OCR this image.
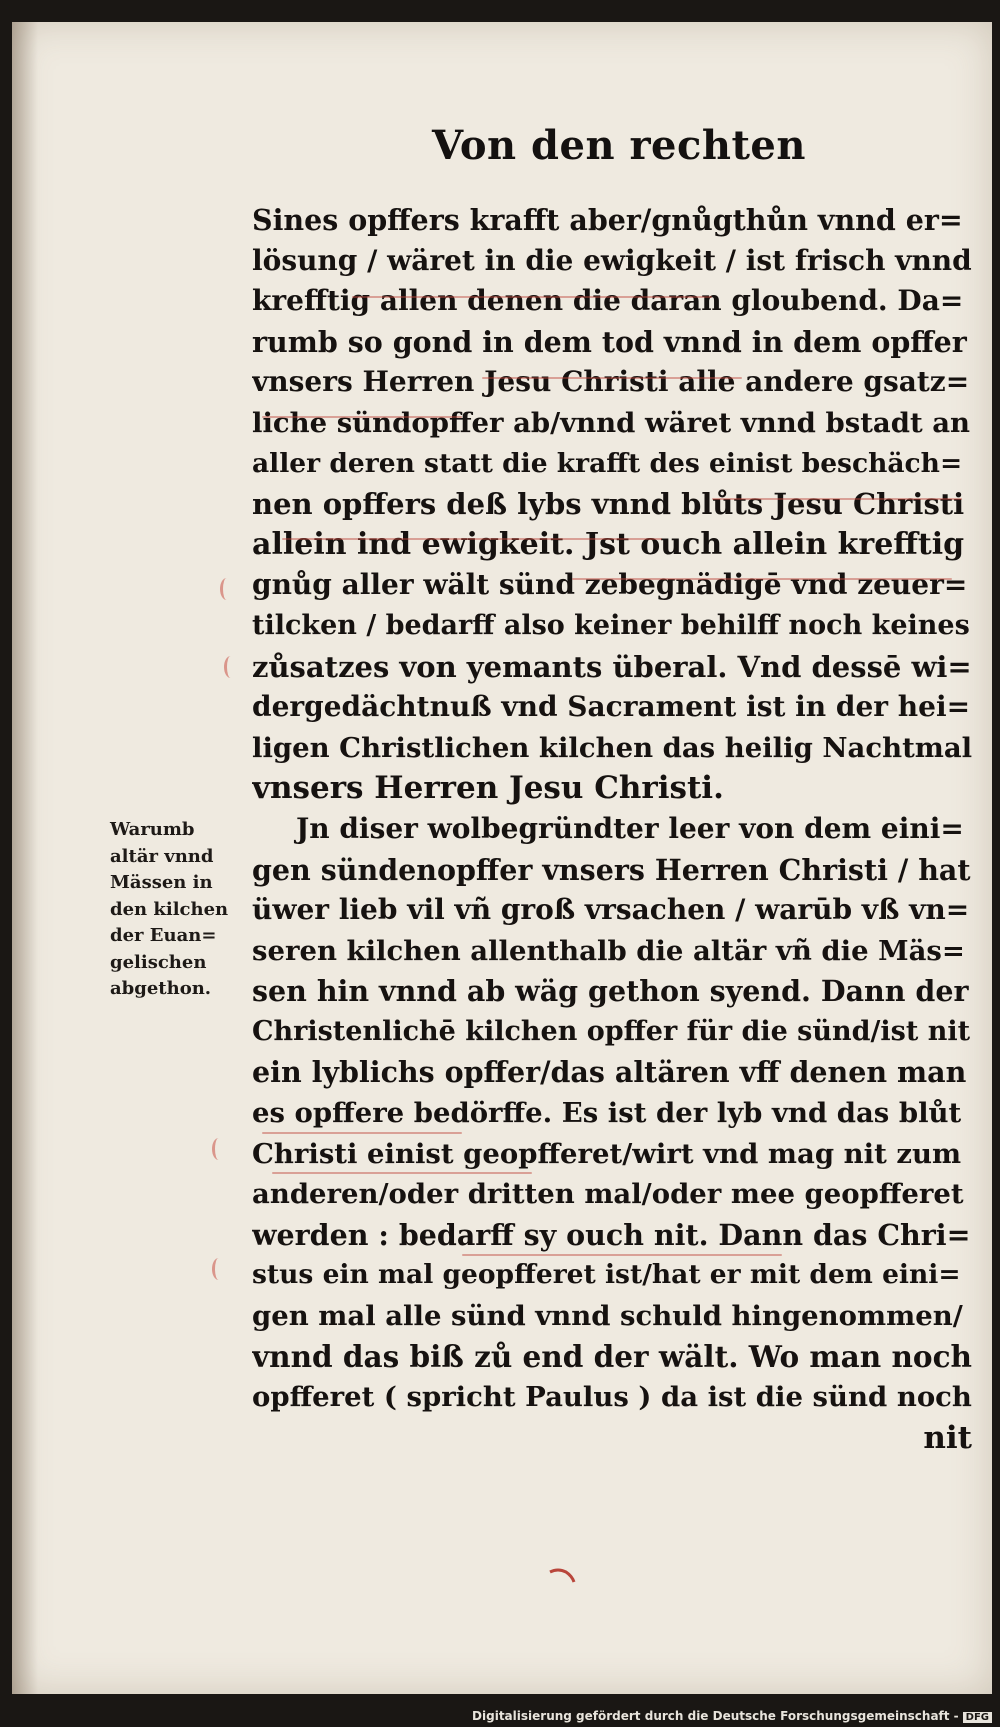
Von den rechten
Sines opffers krafft aber/gnůgthůn vnnd er=
lösung / wäret in die ewigkeit / ist frisch vnnd
krefftig allen denen die daran gloubend. Da=
rumb so gond in dem tod vnnd in dem opffer
vnsers Herren Jesu Christi alle andere gsatz=
liche sündopffer ab/vnnd wäret vnnd bstadt an
aller deren statt die krafft des einist beschäch=
nen opffers deß lybs vnnd blůts Jesu Christi
allein ind ewigkeit. Jst ouch allein krefftig
gnůg aller wält sünd zebegnädigē vnd zeuer=
tilcken / bedarff also keiner behilff noch keines
zůsatzes von yemants überal. Vnd dessē wi=
dergedächtnuß vnd Sacrament ist in der hei=
ligen Christlichen kilchen das heilig Nachtmal
vnsers Herren Jesu Christi.
Jn diser wolbegründter leer von dem eini=
gen sündenopffer vnsers Herren Christi / hat
üwer lieb vil vñ groß vrsachen / warūb vß vn=
seren kilchen allenthalb die altär vñ die Mäs=
sen hin vnnd ab wäg gethon syend. Dann der
Christenlichē kilchen opffer für die sünd/ist nit
ein lyblichs opffer/das altären vff denen man
es opffere bedörffe. Es ist der lyb vnd das blůt
Christi einist geopfferet/wirt vnd mag nit zum
anderen/oder dritten mal/oder mee geopfferet
werden : bedarff sy ouch nit. Dann das Chri=
stus ein mal geopfferet ist/hat er mit dem eini=
gen mal alle sünd vnnd schuld hingenommen/
vnnd das biß zů end der wält. Wo man noch
opfferet ( spricht Paulus ) da ist die sünd noch
nit
Warumb
altär vnnd
Mässen in
den kilchen
der Euan=
gelischen
abgethon.
Digitalisierung gefördert durch die Deutsche Forschungsgemeinschaft - DFG
